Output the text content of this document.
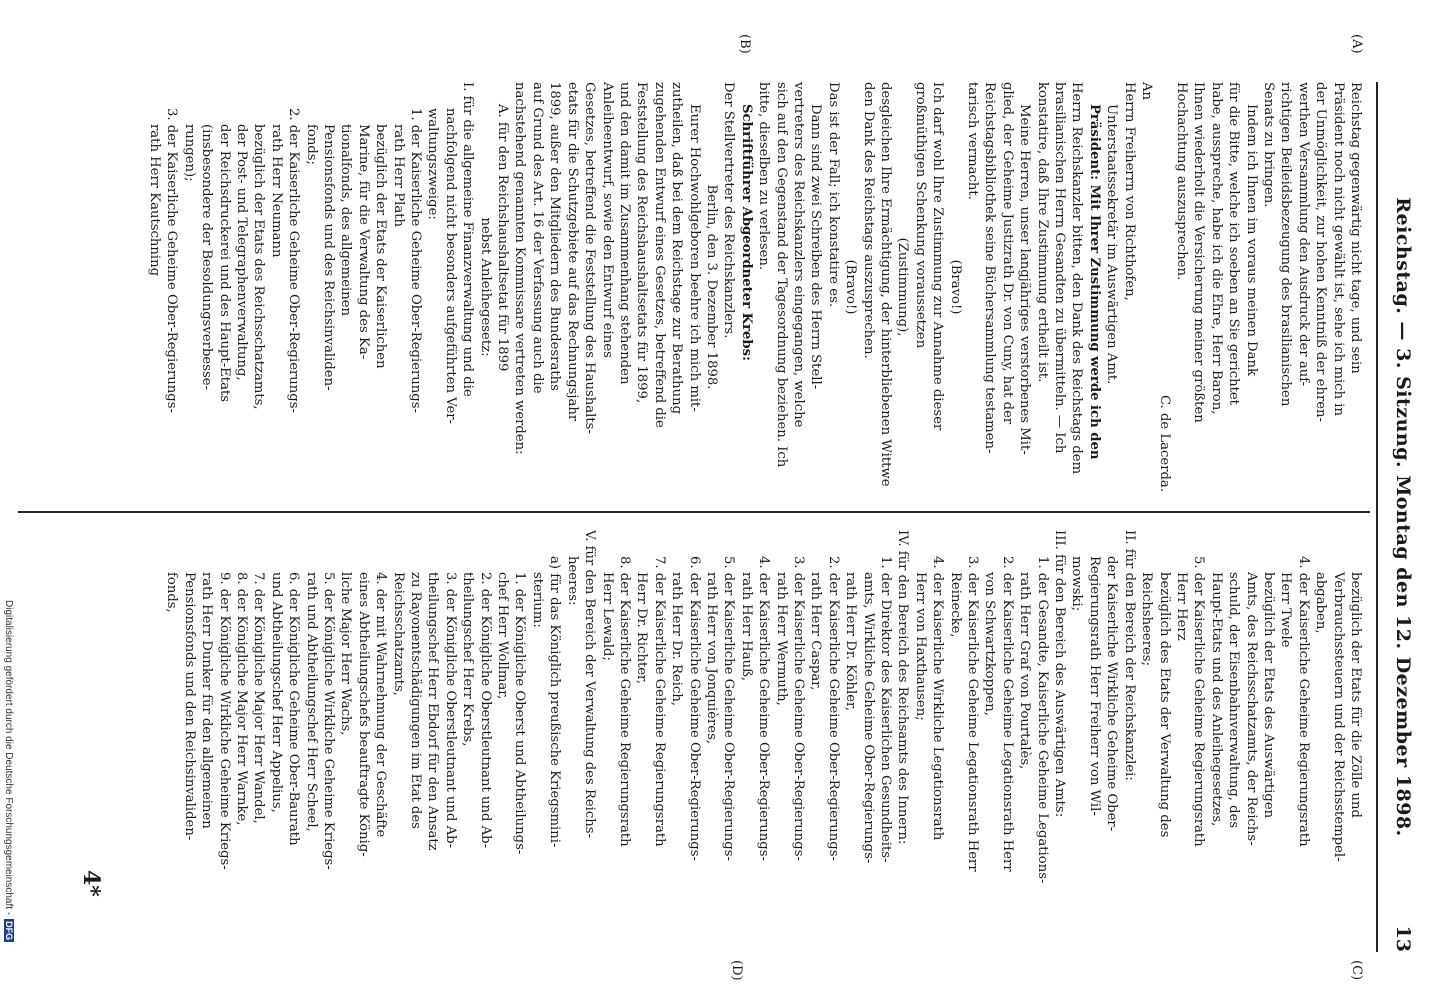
Reichstag. — 3. Sitzung. Montag den 12. Dezember 1898.
13
(A)
(B)
(C)
(D)

Reichstag gegenwärtig nicht tage, und sein

Präsident noch nicht gewählt ist, sehe ich mich in

der Unmöglichkeit, zur hohen Kenntniß der ehren-

werthen Versammlung den Ausdruck der auf-

richtigen Beileidsbezeugung des brasilianischen

Senats zu bringen.

Indem ich Ihnen im voraus meinen Dank

für die Bitte, welche ich soeben an Sie gerichtet

habe, ausspreche, habe ich die Ehre, Herr Baron,

Ihnen wiederholt die Versicherung meiner größten

Hochachtung auszusprechen.

C. de Lacerda.

An

Herrn Freiherrn von Richthofen,

Unterstaatssekretär im Auswärtigen Amt.

Präsident: Mit Ihrer Zustimmung werde ich den

Herrn Reichskanzler bitten, den Dank des Reichstags dem

brasilianischen Herrn Gesandten zu übermitteln. — Ich

konstatire, daß Ihre Zustimmung ertheilt ist.

Meine Herren, unser langjähriges verstorbenes Mit-

glied, der Geheime Justizrath Dr. von Cuny, hat der

Reichstagsbibliothek seine Büchersammlung testamen-

tarisch vermacht.

(Bravo!)

Ich darf wohl Ihre Zustimmung zur Annahme dieser

großmüthigen Schenkung voraussetzen

(Zustimmung),

desgleichen Ihre Ermächtigung, der hinterbliebenen Wittwe

den Dank des Reichstags auszusprechen.

(Bravo!)

Das ist der Fall; ich konstatire es.

Dann sind zwei Schreiben des Herrn Stell-

vertreters des Reichskanzlers eingegangen, welche

sich auf den Gegenstand der Tagesordnung beziehen. Ich

bitte, dieselben zu verlesen.

Schriftführer Abgeordneter Krebs:

Der Stellvertreter des Reichskanzlers.

Berlin, den 3. Dezember 1898.

Eurer Hochwohlgeboren beehre ich mich mit-

zutheilen, daß bei dem Reichstage zur Berathung

zugehenden Entwurf eines Gesetzes, betreffend die

Feststellung des Reichshaushaltsetats für 1899,

und den damit im Zusammenhang stehenden

Anleiheentwurf, sowie den Entwurf eines

Gesetzes, betreffend die Feststellung des Haushalts-

etats für die Schutzgebiete auf das Rechnungsjahr

1899, außer den Mitgliedern des Bundesraths

auf Grund des Art. 16 der Verfassung auch die

nachstehend genannten Kommissare vertreten werden:

A. für den Reichshaushaltsetat für 1899

nebst Anleihegesetz:

I. für die allgemeine Finanzverwaltung und die

nachfolgend nicht besonders aufgeführten Ver-

waltungszweige:

1. der Kaiserliche Geheime Ober-Regierungs-

rath Herr Plath

bezüglich der Etats der Kaiserlichen

Marine, für die Verwaltung des Ka-

tionalfonds, des allgemeinen

Pensionsfonds und des Reichsinvaliden-

fonds;

2. der Kaiserliche Geheime Ober-Regierungs-

rath Herr Neumann

bezüglich der Etats des Reichsschatzamts,

der Post- und Telegraphenverwaltung,

der Reichsdruckerei und des Haupt-Etats

(insbesondere der Besoldungsverbesse-

rungen);

3. der Kaiserliche Geheime Ober-Regierungs-

rath Herr Kautschning

bezüglich der Etats für die Zölle und

Verbrauchssteuern und der Reichsstempel-

abgaben,

4. der Kaiserliche Geheime Regierungsrath

Herr Twele

bezüglich der Etats des Auswärtigen

Amts, des Reichsschatzamts, der Reichs-

schuld, der Eisenbahnverwaltung, des

Haupt-Etats und des Anleihegesetzes,

5. der Kaiserliche Geheime Regierungsrath

Herr Herz

bezüglich des Etats der Verwaltung des

Reichsheeres;

II. für den Bereich der Reichskanzlei:

der Kaiserliche Wirkliche Geheime Ober-

Regierungsrath Herr Freiherr von Wil-

mowski;

III. für den Bereich des Auswärtigen Amts:

1. der Gesandte, Kaiserliche Geheime Legations-

rath Herr Graf von Pourtalès,

2. der Kaiserliche Geheime Legationsrath Herr

von Schwartzkoppen,

3. der Kaiserliche Geheime Legationsrath Herr

Reinecke,

4. der Kaiserliche Wirkliche Legationsrath

Herr von Haxthausen;

IV. für den Bereich des Reichsamts des Innern:

1. der Direktor des Kaiserlichen Gesundheits-

amts, Wirkliche Geheime Ober-Regierungs-

rath Herr Dr. Köhler,

2. der Kaiserliche Geheime Ober-Regierungs-

rath Herr Caspar,

3. der Kaiserliche Geheime Ober-Regierungs-

rath Herr Wermuth,

4. der Kaiserliche Geheime Ober-Regierungs-

rath Herr Hauß,

5. der Kaiserliche Geheime Ober-Regierungs-

rath Herr von Jonquières,

6. der Kaiserliche Geheime Ober-Regierungs-

rath Herr Dr. Reich,

7. der Kaiserliche Geheime Regierungsrath

Herr Dr. Richter,

8. der Kaiserliche Geheime Regierungsrath

Herr Lewald;

V. für den Bereich der Verwaltung des Reichs-

heeres:

a) für das Königlich preußische Kriegsmini-

sterium:

1. der Königliche Oberst und Abtheilungs-

chef Herr Wollmar,

2. der Königliche Oberstleutnant und Ab-

theilungschef Herr Krebs,

3. der Königliche Oberstleutnant und Ab-

theilungschef Herr Ebdorf für den Ansatz

zu Rayonentschädigungen im Etat des

Reichsschatzamts,

4. der mit Wahrnehmung der Geschäfte

eines Abtheilungschefs beauftragte König-

liche Major Herr Wachs,

5. der Königliche Wirkliche Geheime Kriegs-

rath und Abtheilungschef Herr Scheel,

6. der Königliche Geheime Ober-Baurath

und Abtheilungschef Herr Appelius,

7. der Königliche Major Herr Wandel,

8. der Königliche Major Herr Warnke,

9. der Königliche Wirkliche Geheime Kriegs-

rath Herr Dunker für den allgemeinen

Pensionsfonds und den Reichsinvaliden-

fonds,

4*
Digitalisierung gefördert durch die Deutsche Forschungsgemeinschaft -DFG
